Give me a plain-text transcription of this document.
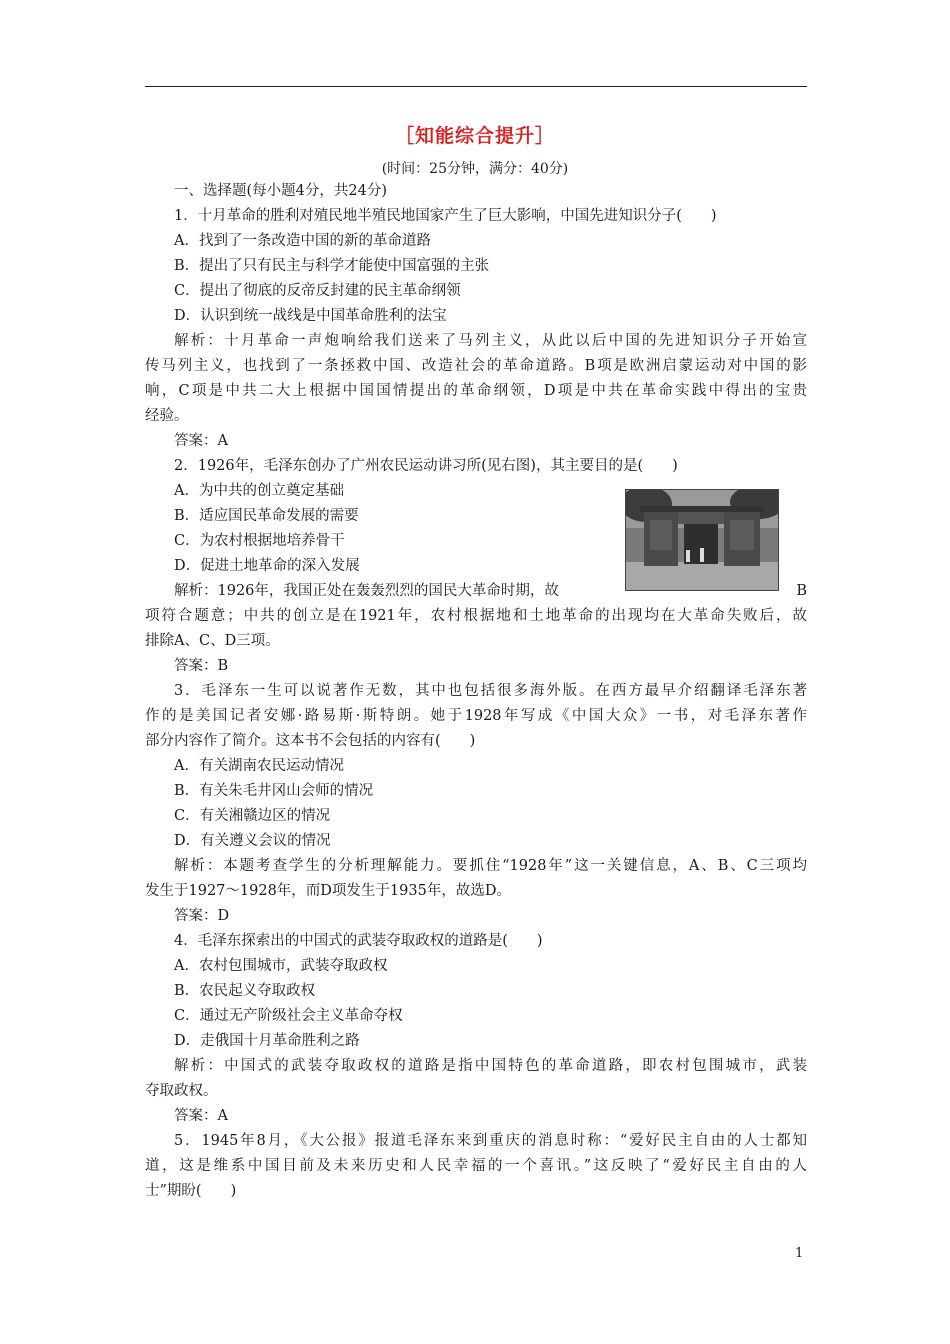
［知能综合提升］
(时间：25分钟，满分：40分)
一、选择题(每小题4分，共24分)
1．十月革命的胜利对殖民地半殖民地国家产生了巨大影响，中国先进知识分子(　　)
A．找到了一条改造中国的新的革命道路
B．提出了只有民主与科学才能使中国富强的主张
C．提出了彻底的反帝反封建的民主革命纲领
D．认识到统一战线是中国革命胜利的法宝
解析：十月革命一声炮响给我们送来了马列主义，从此以后中国的先进知识分子开始宣
传马列主义，也找到了一条拯救中国、改造社会的革命道路。B项是欧洲启蒙运动对中国的影
响，C项是中共二大上根据中国国情提出的革命纲领，D项是中共在革命实践中得出的宝贵
经验。
答案：A
2．1926年，毛泽东创办了广州农民运动讲习所(见右图)，其主要目的是(　　)
A．为中共的创立奠定基础
B．适应国民革命发展的需要
C．为农村根据地培养骨干
D．促进土地革命的深入发展
解析：1926年，我国正处在轰轰烈烈的国民大革命时期，故	B
项符合题意；中共的创立是在1921年，农村根据地和土地革命的出现均在大革命失败后，故
排除A、C、D三项。
答案：B
3．毛泽东一生可以说著作无数，其中也包括很多海外版。在西方最早介绍翻译毛泽东著
作的是美国记者安娜·路易斯·斯特朗。她于1928年写成《中国大众》一书，对毛泽东著作
部分内容作了简介。这本书不会包括的内容有(　　)
A．有关湖南农民运动情况
B．有关朱毛井冈山会师的情况
C．有关湘赣边区的情况
D．有关遵义会议的情况
解析：本题考查学生的分析理解能力。要抓住“1928年”这一关键信息，A、B、C三项均
发生于1927～1928年，而D项发生于1935年，故选D。
答案：D
4．毛泽东探索出的中国式的武装夺取政权的道路是(　　)
A．农村包围城市，武装夺取政权
B．农民起义夺取政权
C．通过无产阶级社会主义革命夺权
D．走俄国十月革命胜利之路
解析：中国式的武装夺取政权的道路是指中国特色的革命道路，即农村包围城市，武装
夺取政权。
答案：A
5．1945年8月，《大公报》报道毛泽东来到重庆的消息时称：“爱好民主自由的人士都知
道，这是维系中国目前及未来历史和人民幸福的一个喜讯。”这反映了“爱好民主自由的人
士”期盼(　　)
1
